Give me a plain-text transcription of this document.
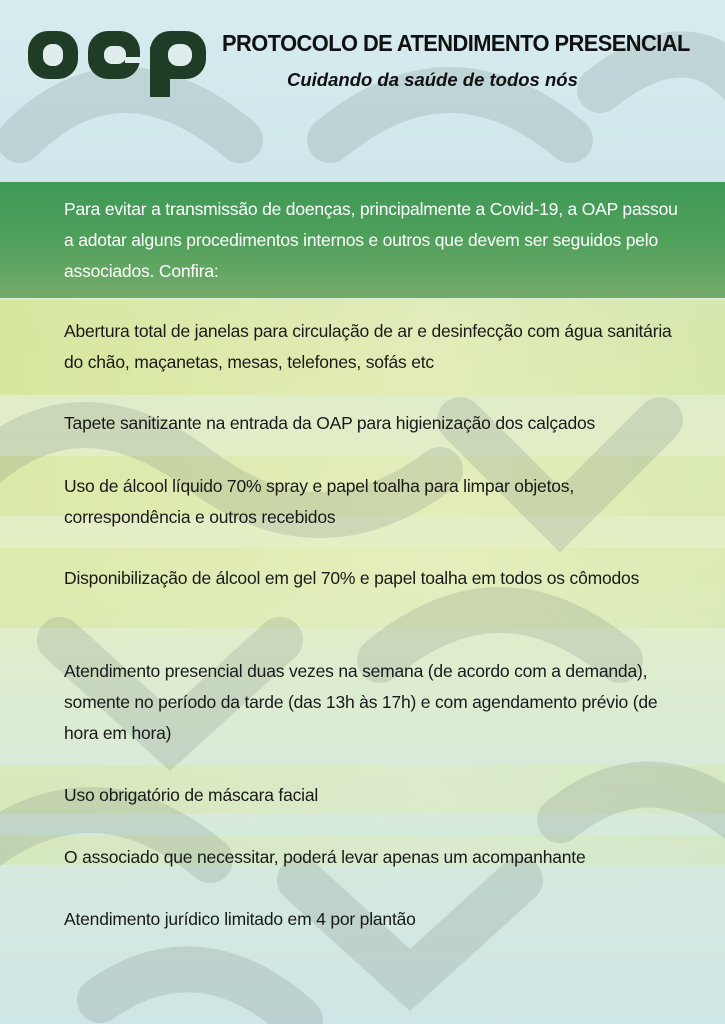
PROTOCOLO DE ATENDIMENTO PRESENCIAL
Cuidando da saúde de todos nós
Para evitar a transmissão de doenças, principalmente a Covid-19, a OAP passou a adotar alguns procedimentos internos e outros que devem ser seguidos pelo associados. Confira:
Abertura total de janelas para circulação de ar e desinfecção com água sanitária do chão, maçanetas, mesas, telefones, sofás etc
Tapete sanitizante na entrada da OAP para higienização dos calçados
Uso de álcool líquido 70% spray e papel toalha para limpar objetos, correspondência e outros recebidos
Disponibilização de álcool em gel 70% e papel toalha em todos os cômodos
Atendimento presencial duas vezes na semana (de acordo com a demanda), somente no período da tarde (das 13h às 17h) e com agendamento prévio (de hora em hora)
Uso obrigatório de máscara facial
O associado que necessitar, poderá levar apenas um acompanhante
Atendimento jurídico limitado em 4 por plantão
